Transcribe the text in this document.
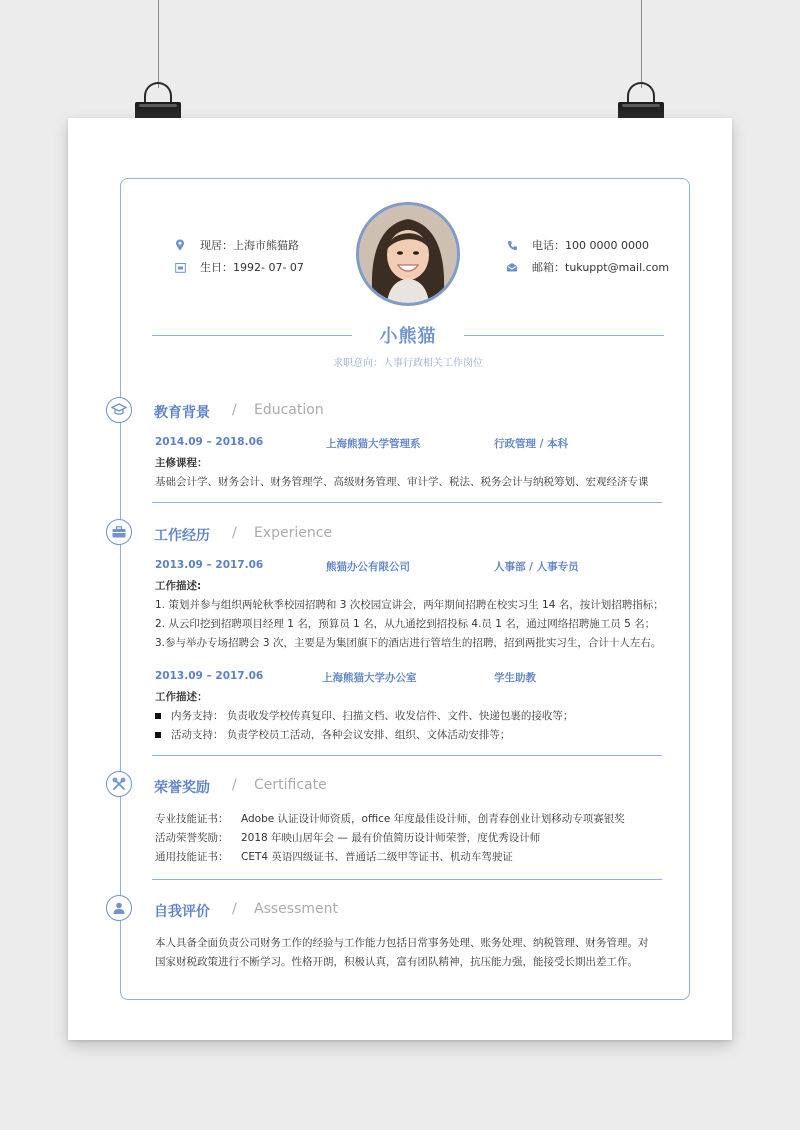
现居： 上海市熊猫路
生日： 1992- 07- 07
电话： 100 0000 0000
邮箱： tukuppt@mail.com
小熊猫
求职意向：人事行政相关工作岗位
教育背景 / Education
2014.09 – 2018.06	上海熊猫大学管理系	行政管理 / 本科
主修课程：
基础会计学、财务会计、财务管理学、高级财务管理、审计学、税法、税务会计与纳税筹划、宏观经济专课
工作经历 / Experience
2013.09 – 2017.06	熊猫办公有限公司	人事部 / 人事专员
工作描述:
1. 策划并参与组织两轮秋季校园招聘和 3 次校园宣讲会，两年期间招聘在校实习生 14 名，按计划招聘指标；
2. 从云印挖到招聘项目经理 1 名，预算员 1 名，从九通挖到招投标 4.员 1 名，通过网络招聘施工员 5 名；
3.参与举办专场招聘会 3 次，主要是为集团旗下的酒店进行管培生的招聘，招到两批实习生，合计十人左右。
2013.09 – 2017.06	上海熊猫大学办公室	学生助教
工作描述：
内务支持： 负责收发学校传真复印、扫描文档、收发信件、文件、快递包裹的接收等；
活动支持： 负责学校员工活动，各种会议安排、组织、文体活动安排等；
荣誉奖励 / Certificate
专业技能证书： Adobe 认证设计师资质，office 年度最佳设计师，创青春创业计划移动专项赛银奖
活动荣誉奖励： 2018 年映山居年会 — 最有价值简历设计师荣誉，度优秀设计师
通用技能证书： CET4 英语四级证书、普通话二级甲等证书、机动车驾驶证
自我评价 / Assessment
本人具备全面负责公司财务工作的经验与工作能力包括日常事务处理、账务处理、纳税管理、财务管理。对
国家财税政策进行不断学习。性格开朗，积极认真，富有团队精神，抗压能力强，能接受长期出差工作。
